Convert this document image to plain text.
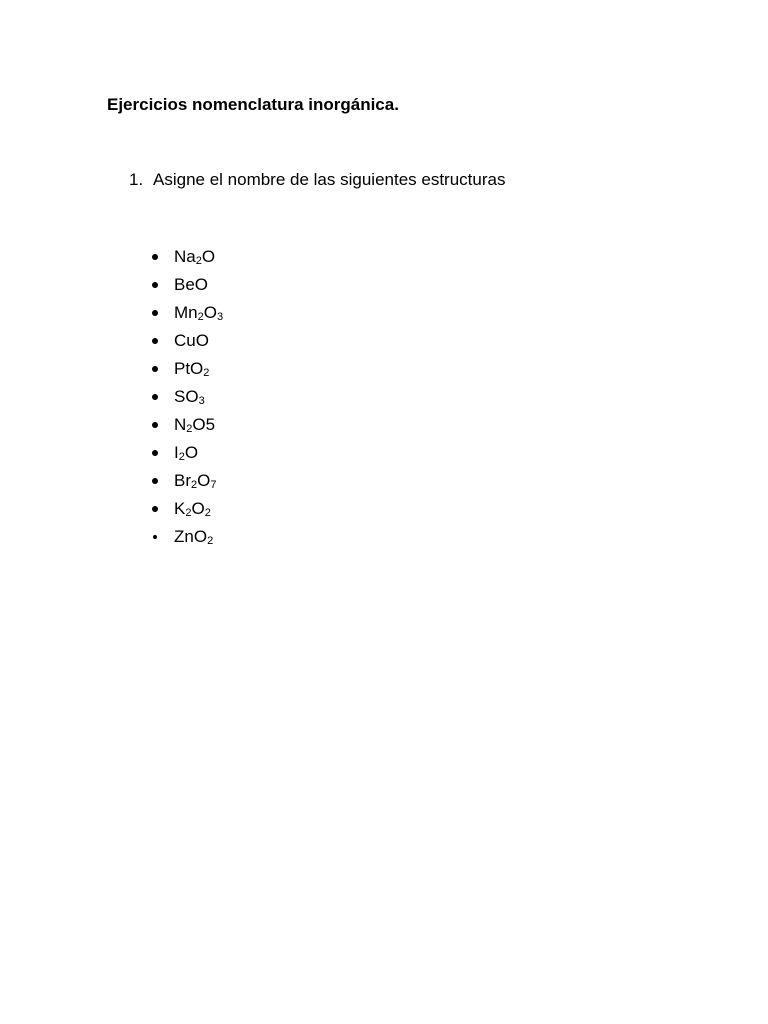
Ejercicios nomenclatura inorgánica.
1. Asigne el nombre de las siguientes estructuras
$Na_2O$
BeO
$Mn_2O_3$
CuO
PtO$_2$
$SO_3$
$N_2O5$
$I_2O$
$Br_2O_7$
$K_2O_2$
ZnO$_2$
